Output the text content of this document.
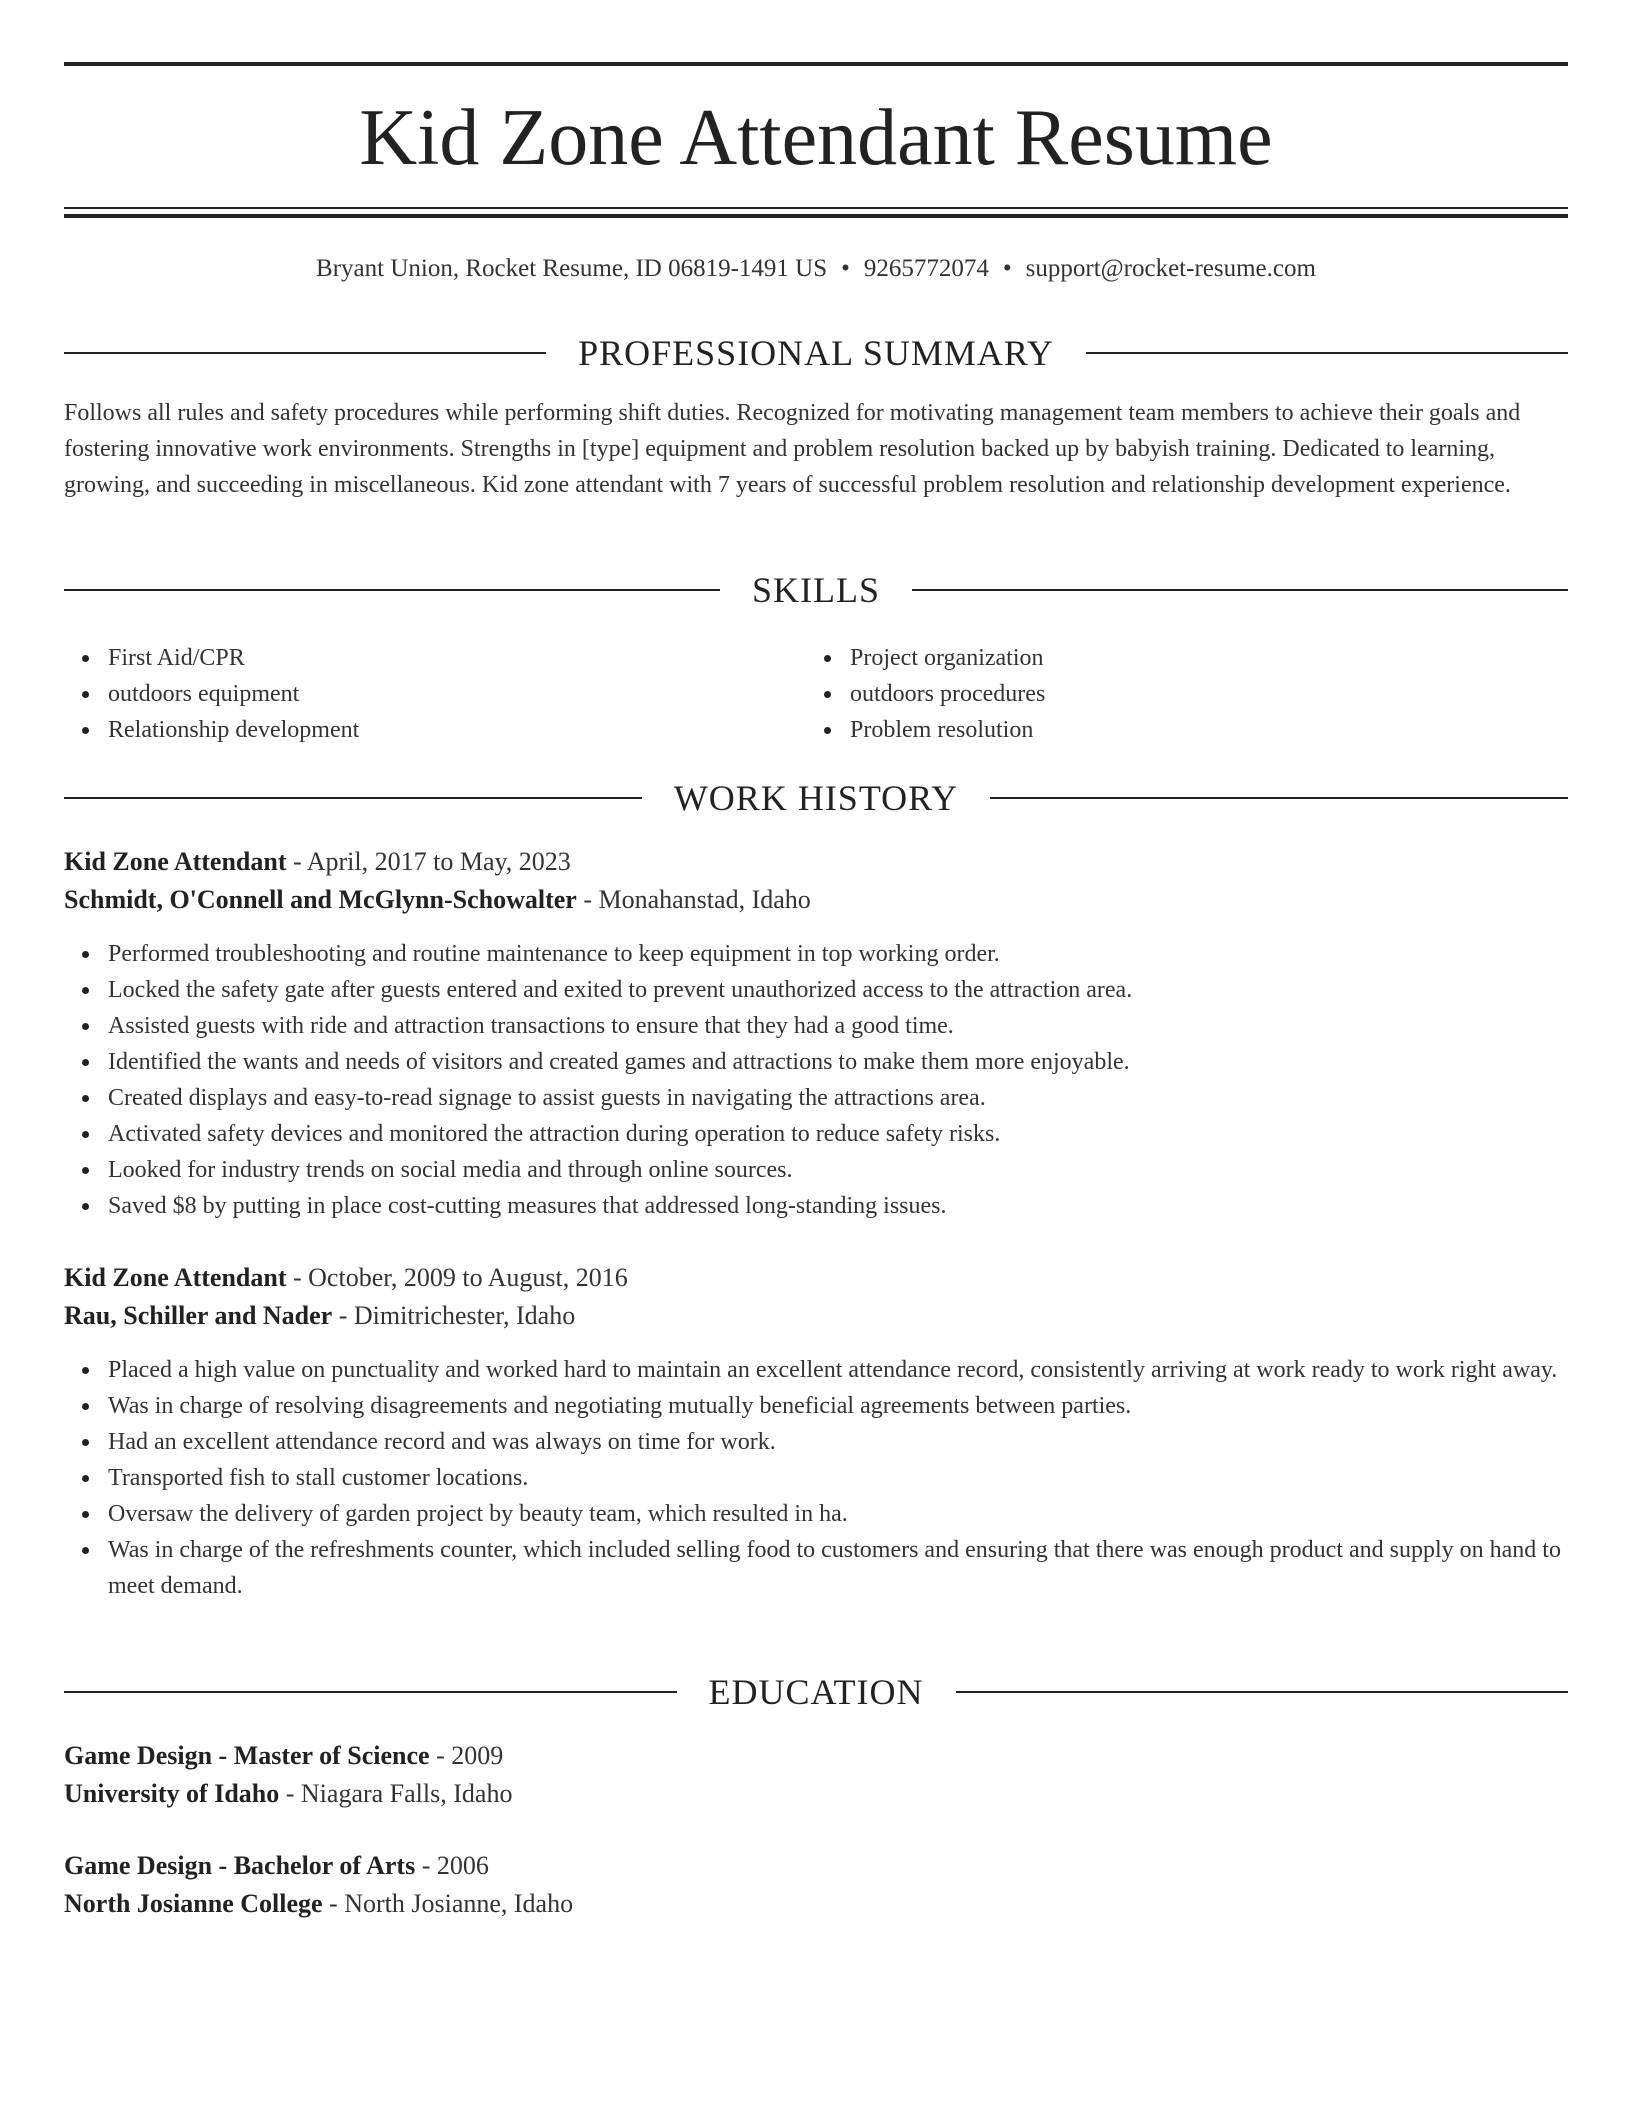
Kid Zone Attendant Resume
Bryant Union, Rocket Resume, ID 06819-1491 US • 9265772074 • support@rocket-resume.com
PROFESSIONAL SUMMARY
Follows all rules and safety procedures while performing shift duties. Recognized for motivating management team members to achieve their goals and fostering innovative work environments. Strengths in [type] equipment and problem resolution backed up by babyish training. Dedicated to learning, growing, and succeeding in miscellaneous. Kid zone attendant with 7 years of successful problem resolution and relationship development experience.
SKILLS
First Aid/CPR
outdoors equipment
Relationship development
Project organization
outdoors procedures
Problem resolution
WORK HISTORY
Kid Zone Attendant - April, 2017 to May, 2023
Schmidt, O'Connell and McGlynn-Schowalter - Monahanstad, Idaho
Performed troubleshooting and routine maintenance to keep equipment in top working order.
Locked the safety gate after guests entered and exited to prevent unauthorized access to the attraction area.
Assisted guests with ride and attraction transactions to ensure that they had a good time.
Identified the wants and needs of visitors and created games and attractions to make them more enjoyable.
Created displays and easy-to-read signage to assist guests in navigating the attractions area.
Activated safety devices and monitored the attraction during operation to reduce safety risks.
Looked for industry trends on social media and through online sources.
Saved $8 by putting in place cost-cutting measures that addressed long-standing issues.
Kid Zone Attendant - October, 2009 to August, 2016
Rau, Schiller and Nader - Dimitrichester, Idaho
Placed a high value on punctuality and worked hard to maintain an excellent attendance record, consistently arriving at work ready to work right away.
Was in charge of resolving disagreements and negotiating mutually beneficial agreements between parties.
Had an excellent attendance record and was always on time for work.
Transported fish to stall customer locations.
Oversaw the delivery of garden project by beauty team, which resulted in ha.
Was in charge of the refreshments counter, which included selling food to customers and ensuring that there was enough product and supply on hand to meet demand.
EDUCATION
Game Design - Master of Science - 2009
University of Idaho - Niagara Falls, Idaho
Game Design - Bachelor of Arts - 2006
North Josianne College - North Josianne, Idaho
